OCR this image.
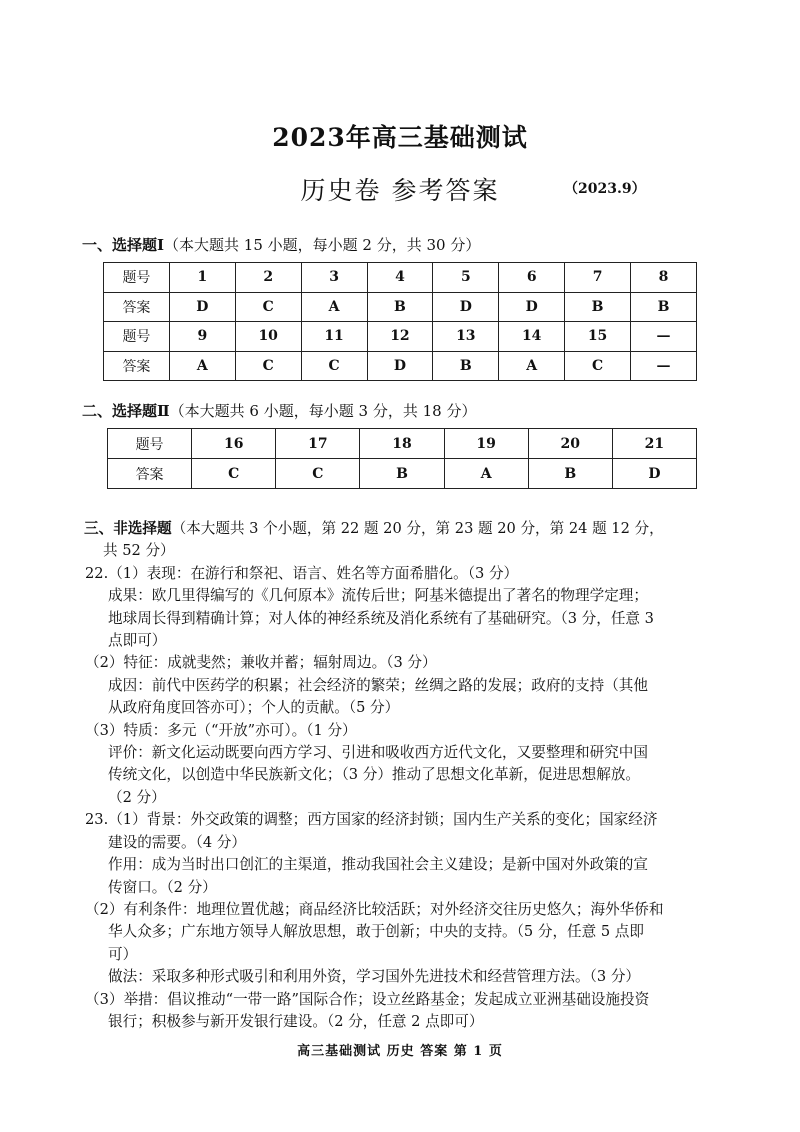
2023年高三基础测试
历史卷 参考答案	（2023.9）
一、选择题Ⅰ（本大题共 15 小题，每小题 2 分，共 30 分）
题号	1	2	3	4	5	6	7	8
答案	D	C	A	B	D	D	B	B
题号	9	10	11	12	13	14	15	—
答案	A	C	C	D	B	A	C	—
二、选择题Ⅱ（本大题共 6 小题，每小题 3 分，共 18 分）
题号	16	17	18	19	20	21
答案	C	C	B	A	B	D

三、非选择题（本大题共 3 个小题，第 22 题 20 分，第 23 题 20 分，第 24 题 12 分，

共 52 分）

22.（1）表现：在游行和祭祀、语言、姓名等方面希腊化。（3 分）

成果：欧几里得编写的《几何原本》流传后世；阿基米德提出了著名的物理学定理；

地球周长得到精确计算；对人体的神经系统及消化系统有了基础研究。（3 分，任意 3

点即可）

（2）特征：成就斐然；兼收并蓄；辐射周边。（3 分）

成因：前代中医药学的积累；社会经济的繁荣；丝绸之路的发展；政府的支持（其他

从政府角度回答亦可）；个人的贡献。（5 分）

（3）特质：多元（“开放”亦可）。（1 分）

评价：新文化运动既要向西方学习、引进和吸收西方近代文化，又要整理和研究中国

传统文化，以创造中华民族新文化；（3 分）推动了思想文化革新，促进思想解放。

（2 分）

23.（1）背景：外交政策的调整；西方国家的经济封锁；国内生产关系的变化；国家经济

建设的需要。（4 分）

作用：成为当时出口创汇的主渠道，推动我国社会主义建设；是新中国对外政策的宣

传窗口。（2 分）

（2）有利条件：地理位置优越；商品经济比较活跃；对外经济交往历史悠久；海外华侨和

华人众多；广东地方领导人解放思想，敢于创新；中央的支持。（5 分，任意 5 点即

可）

做法：采取多种形式吸引和利用外资，学习国外先进技术和经营管理方法。（3 分）

（3）举措：倡议推动“一带一路”国际合作；设立丝路基金；发起成立亚洲基础设施投资

银行；积极参与新开发银行建设。（2 分，任意 2 点即可）

高三基础测试 历史 答案 第 1 页
